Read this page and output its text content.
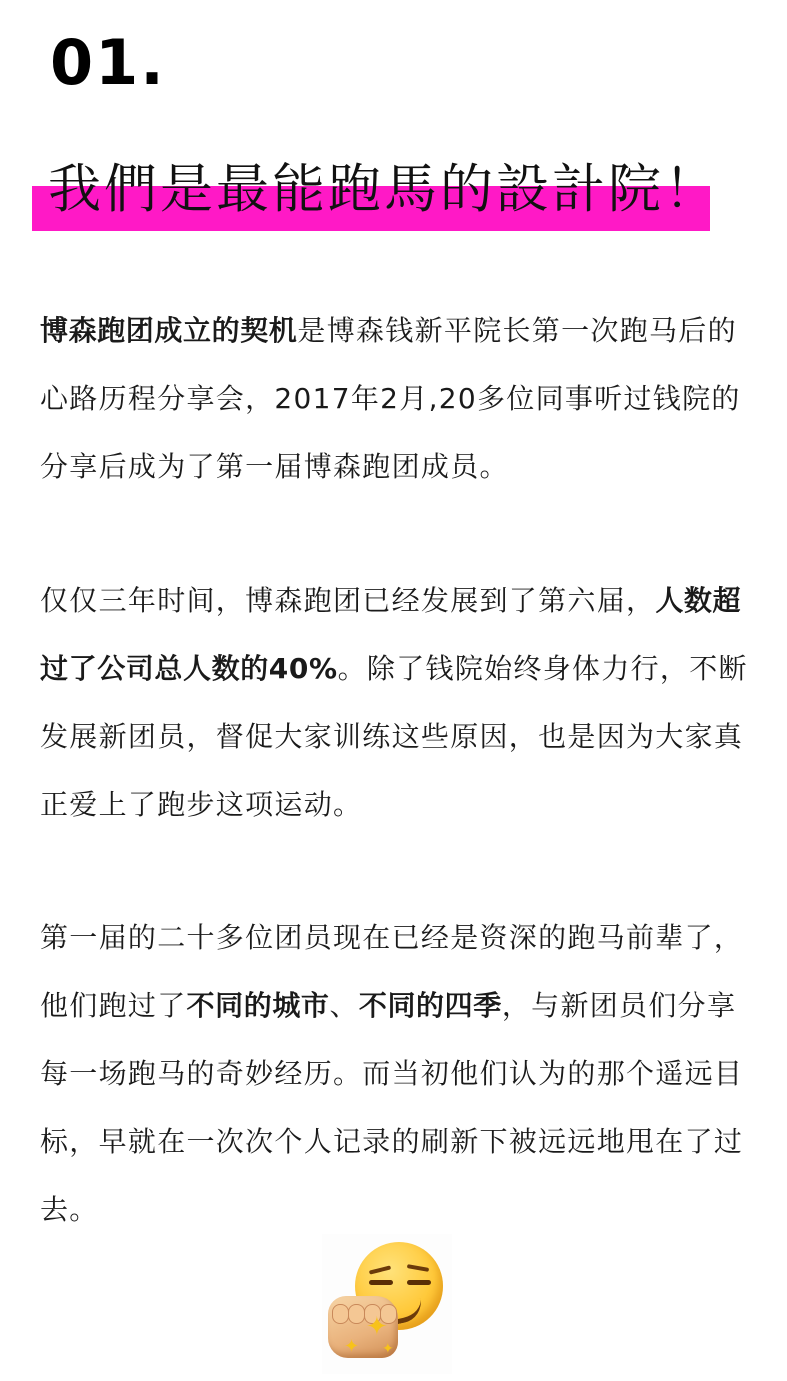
01.
我們是最能跑馬的設計院！

博森跑团成立的契机是博森钱新平院长第一次跑马后的心路历程分享会，2017年2月,20多位同事听过钱院的分享后成为了第一届博森跑团成员。

仅仅三年时间，博森跑团已经发展到了第六届，人数超过了公司总人数的40%。除了钱院始终身体力行，不断发展新团员，督促大家训练这些原因，也是因为大家真正爱上了跑步这项运动。

第一届的二十多位团员现在已经是资深的跑马前辈了，他们跑过了不同的城市、不同的四季，与新团员们分享每一场跑马的奇妙经历。而当初他们认为的那个遥远目标，早就在一次次个人记录的刷新下被远远地甩在了过去。

✦
✦ ✦
